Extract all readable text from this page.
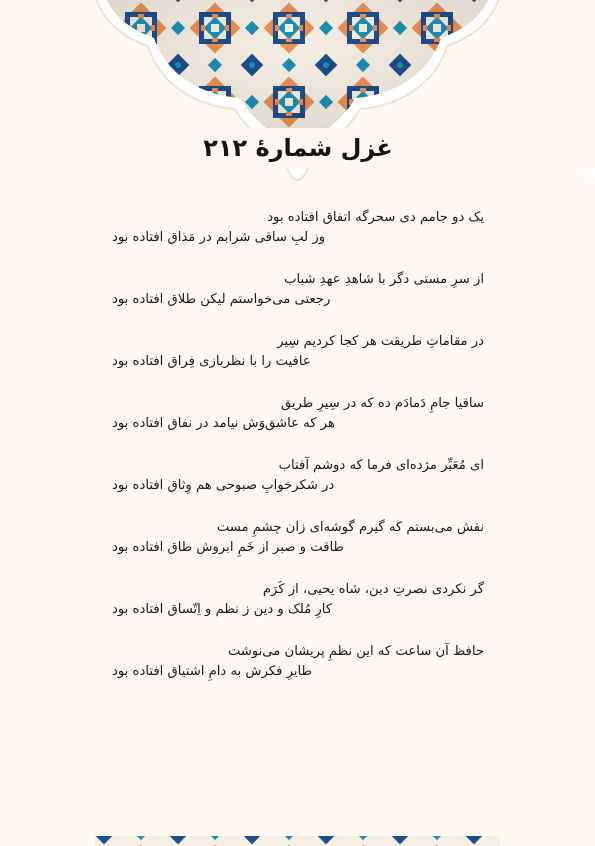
غزل شمارهٔ ۲۱۲
یک دو جامم دی سحرگه اتفاق افتاده بود
وز لبِ ساقی شرابم در مَذاق افتاده بود
از سرِ مستی دگر با شاهدِ عهدِ شباب
رجعتی می‌خواستم لیکن طلاق افتاده بود
در مقاماتِ طریقت هر کجا کردیم سِیر
عافیت را با نظربازی فِراق افتاده بود
ساقیا جامِ دَمادَم ده که در سِیرِ طریق
هر که عاشق‌وَش نیامد در نفاق افتاده بود
ای مُعَبِّر مژده‌ای فرما که دوشم آفتاب
در شکرخوابِ صبوحی هم وِثاق افتاده بود
نقش می‌بستم که گیرم گوشه‌ای زان چشمِ مست
طاقت و صبر از خَمِ ابروش طاق افتاده بود
گر نکردی نصرتِ دین، شاه یحیی، از کَرَم
کارِ مُلک و دین ز نظم و اِتّساق افتاده بود
حافظ آن ساعت که این نظمِ پریشان می‌نوشت
طایرِ فکرش به دامِ اشتیاق افتاده بود
